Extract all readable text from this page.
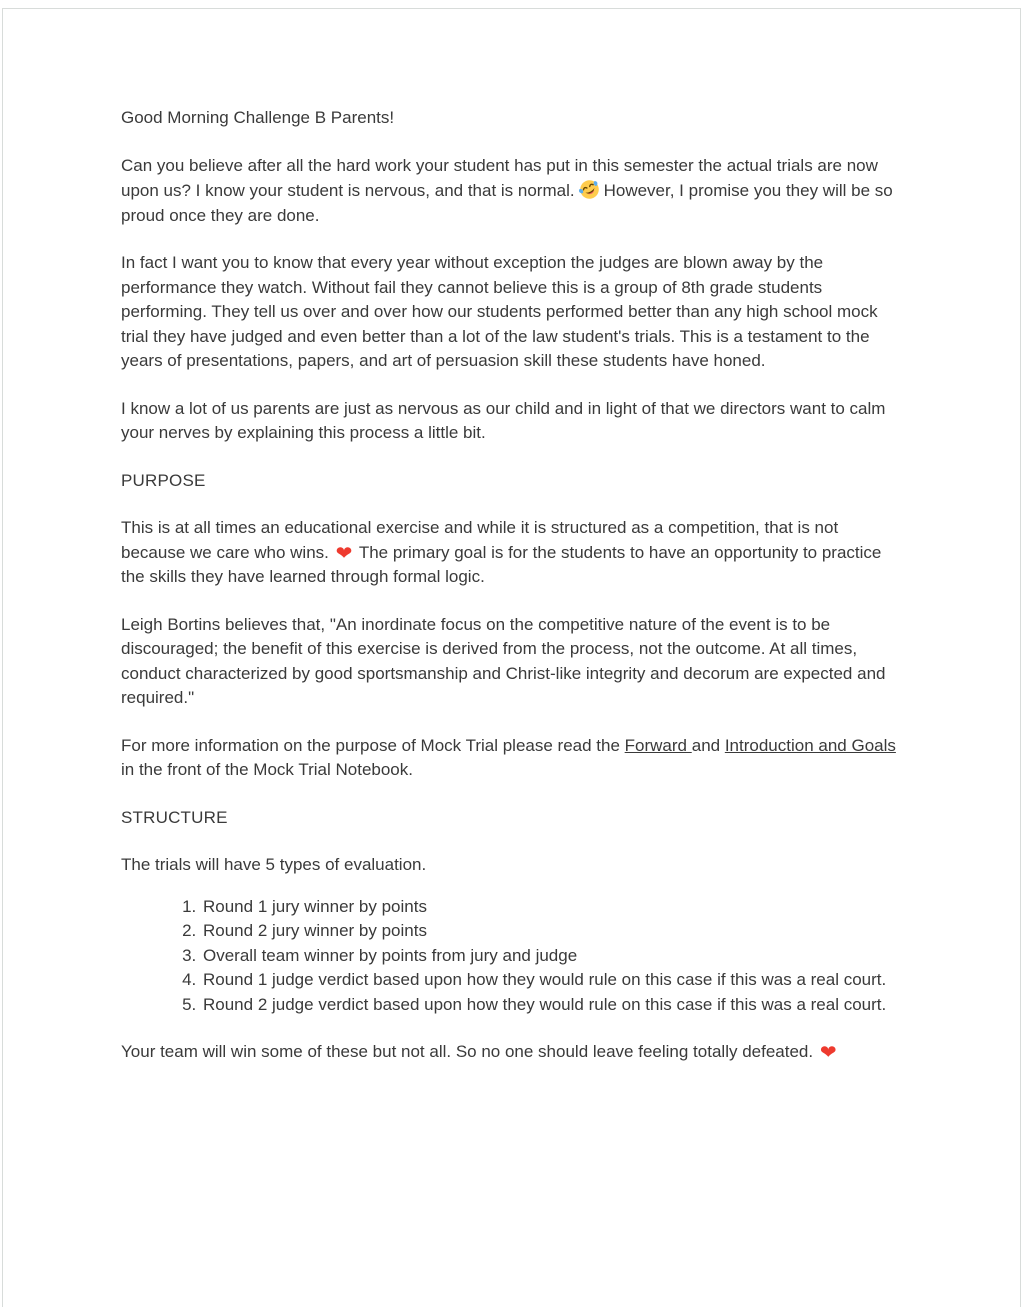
Good Morning Challenge B Parents!

Can you believe after all the hard work your student has put in this semester the actual trials are now upon us? I know your student is nervous, and that is normal. However, I promise you they will be so proud once they are done.

In fact I want you to know that every year without exception the judges are blown away by the performance they watch. Without fail they cannot believe this is a group of 8th grade students performing. They tell us over and over how our students performed better than any high school mock trial they have judged and even better than a lot of the law student's trials. This is a testament to the years of presentations, papers, and art of persuasion skill these students have honed.

I know a lot of us parents are just as nervous as our child and in light of that we directors want to calm your nerves by explaining this process a little bit.

PURPOSE

This is at all times an educational exercise and while it is structured as a competition, that is not because we care who wins. ❤ The primary goal is for the students to have an opportunity to practice the skills they have learned through formal logic.

Leigh Bortins believes that, "An inordinate focus on the competitive nature of the event is to be discouraged; the benefit of this exercise is derived from the process, not the outcome. At all times, conduct characterized by good sportsmanship and Christ-like integrity and decorum are expected and required."

For more information on the purpose of Mock Trial please read the Forward and Introduction and Goals in the front of the Mock Trial Notebook.

STRUCTURE

The trials will have 5 types of evaluation.

1. Round 1 jury winner by points
2. Round 2 jury winner by points
3. Overall team winner by points from jury and judge
4. Round 1 judge verdict based upon how they would rule on this case if this was a real court.
5. Round 2 judge verdict based upon how they would rule on this case if this was a real court.

Your team will win some of these but not all. So no one should leave feeling totally defeated. ❤
